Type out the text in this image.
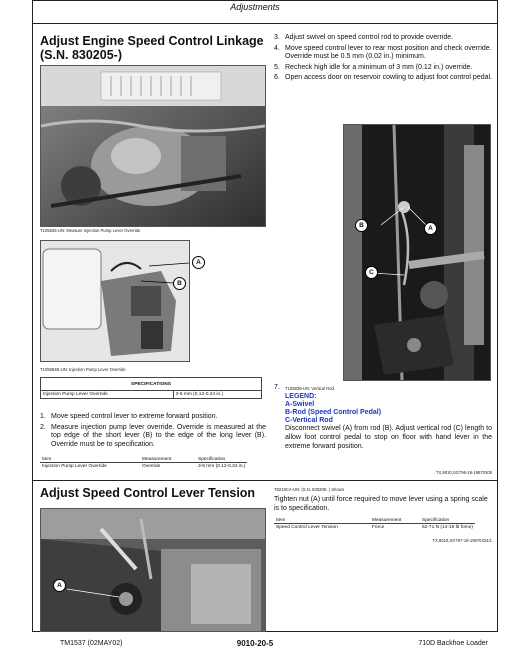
Adjustments
Adjust Engine Speed Control Linkage
(S.N. 830205-)
T105835-UN: Measure Injection Pump Lever Override
A
B
T105964B-UN: Injection Pump Lever Override
SPECIFICATIONS
Injection Pump Lever Override	3-6 mm (0.12-0.24 in.)
1. Move speed control lever to extreme forward position.
2. Measure injection pump lever override. Override is measured at the top edge of the short lever (B) to the edge of the long lever (B). Override must be to specification.
Item	Measurement	Specification
Injection Pump Lever Override	Override	3-6 mm (0.12-0.24 in.)
3. Adjust swivel on speed control rod to provide override.
4. Move speed control lever to rear most position and check override. Override must be 0.5 mm (0.02 in.) minimum.
5. Recheck high idle for a minimum of 3 mm (0.12 in.) override.
6. Open access door on reservoir cowling to adjust foot control pedal.
B	A
C
7.	T105836-UN: Vertical Rod
LEGEND:
A-Swivel
B-Rod (Speed Control Pedal)
C-Vertical Rod
Disconnect swivel (A) from rod (B). Adjust vertical rod (C) length to allow foot control pedal to stop on floor with hand lever in the extreme forward position.
TX,9010,SG796-19-19970305
Adjust Speed Control Lever Tension
A
T8219CA-UN: (S.N. 830205- ) Shown
Tighten nut (A) until force required to move lever using a spring scale is to specification.
Item	Measurement	Specification
Speed Control Lever Tension	Force	62-71 N (14-16 lb force)
TX,9010,SG797-19-19970424/1
TM1537 (02MAY02)	9010-20-5	710D Backhoe Loader
